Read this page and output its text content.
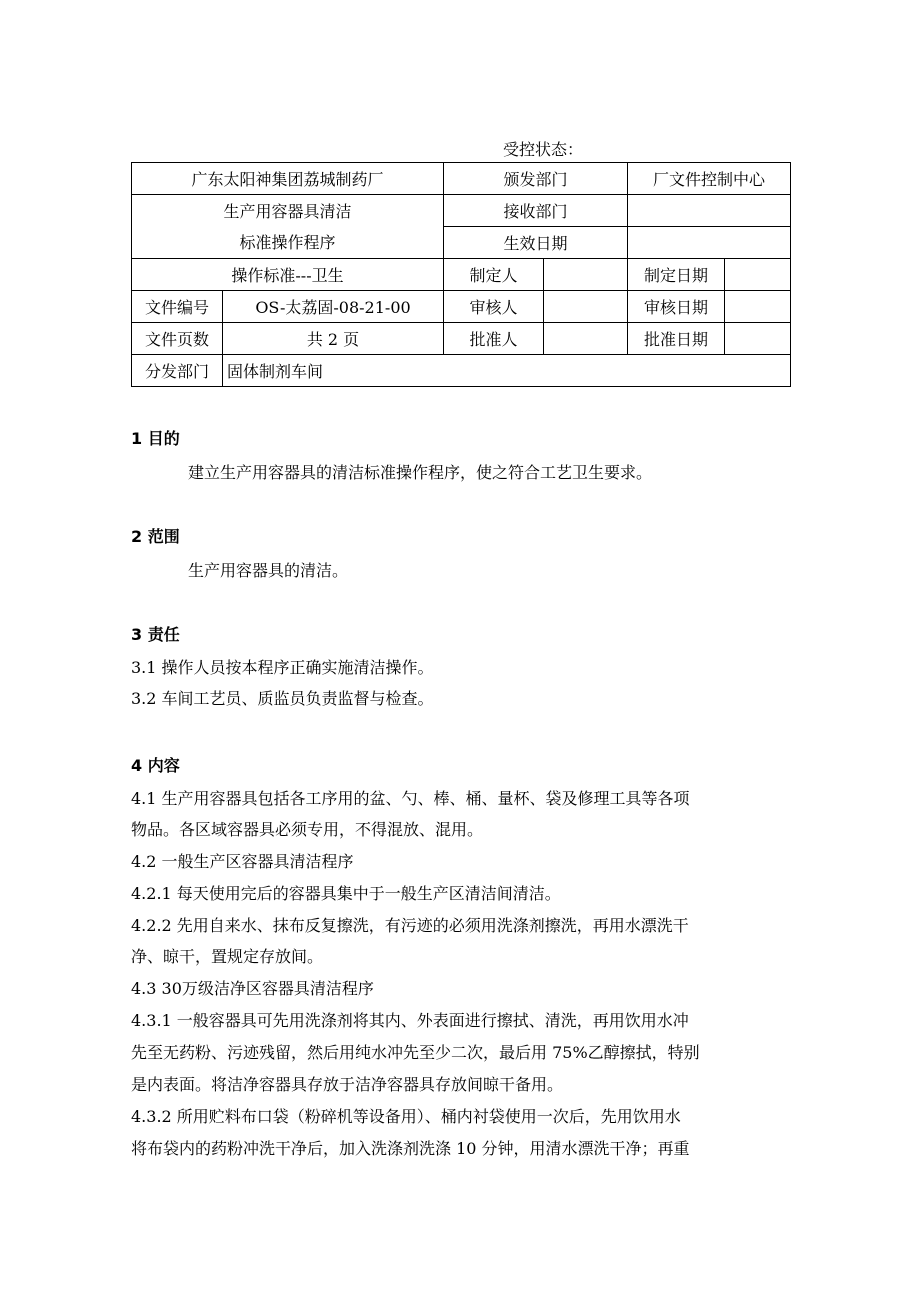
受控状态：
广东太阳神集团荔城制药厂		颁发部门		厂文件控制中心	

生产用容器具清洁
标准操作程序		接收部门			
		生效日期			
操作标准---卫生		制定人		制定日期	
文件编号	OS-太荔固-08-21-00	审核人		审核日期	
文件页数	共 2 页	批准人		批准日期	
分发部门	固体制剂车间				
1 目的
建立生产用容器具的清洁标准操作程序，使之符合工艺卫生要求。
2 范围
生产用容器具的清洁。
3 责任
3.1 操作人员按本程序正确实施清洁操作。
3.2 车间工艺员、质监员负责监督与检查。
4 内容
4.1 生产用容器具包括各工序用的盆、勺、棒、桶、量杯、袋及修理工具等各项
物品。各区域容器具必须专用，不得混放、混用。
4.2 一般生产区容器具清洁程序
4.2.1 每天使用完后的容器具集中于一般生产区清洁间清洁。
4.2.2 先用自来水、抹布反复擦洗，有污迹的必须用洗涤剂擦洗，再用水漂洗干
净、晾干，置规定存放间。
4.3 30万级洁净区容器具清洁程序
4.3.1 一般容器具可先用洗涤剂将其内、外表面进行擦拭、清洗，再用饮用水冲
先至无药粉、污迹残留，然后用纯水冲先至少二次，最后用 75%乙醇擦拭，特别
是内表面。将洁净容器具存放于洁净容器具存放间晾干备用。
4.3.2 所用贮料布口袋（粉碎机等设备用）、桶内衬袋使用一次后，先用饮用水
将布袋内的药粉冲洗干净后，加入洗涤剂洗涤 10 分钟，用清水漂洗干净；再重
